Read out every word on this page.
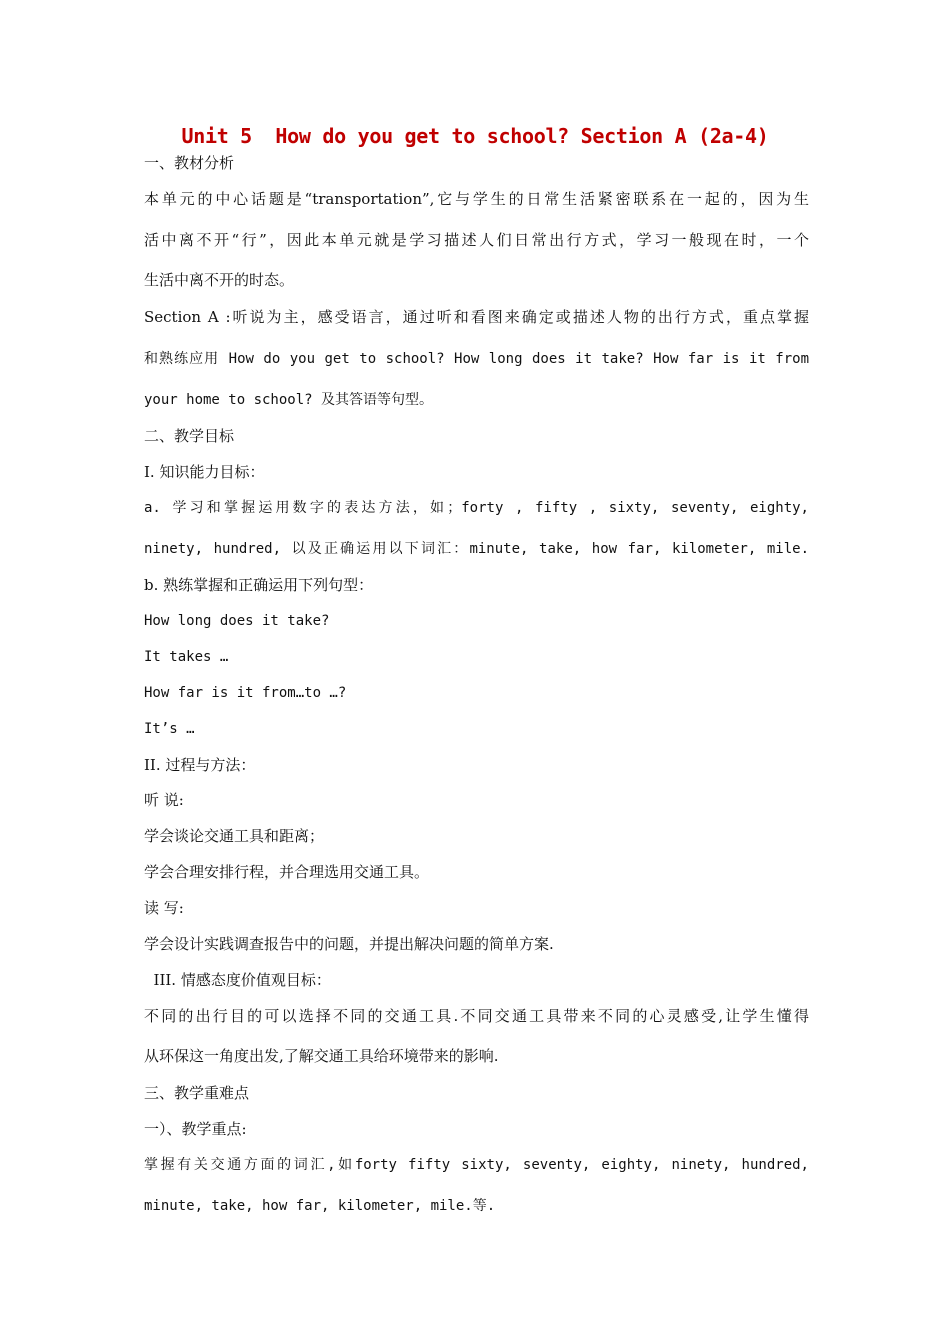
Unit 5  How do you get to school? Section A (2a-4)
一、教材分析
本单元的中心话题是“transportation”,它与学生的日常生活紧密联系在一起的，因为生
活中离不开“行”，因此本单元就是学习描述人们日常出行方式，学习一般现在时，一个
生活中离不开的时态。
Section A :听说为主，感受语言，通过听和看图来确定或描述人物的出行方式，重点掌握
和熟练应用 How do you get to school? How long does it take? How far is it from
your home to school? 及其答语等句型。
二、教学目标
I. 知识能力目标：
a. 学习和掌握运用数字的表达方法，如；forty , fifty , sixty, seventy, eighty,
ninety, hundred, 以及正确运用以下词汇：minute, take, how far, kilometer, mile.
b. 熟练掌握和正确运用下列句型：
How long does it take?
It takes …
How far is it from…to …?
It’s …
II. 过程与方法：
听 说:
学会谈论交通工具和距离；
学会合理安排行程，并合理选用交通工具。
读 写:
学会设计实践调查报告中的问题，并提出解决问题的简单方案.
III. 情感态度价值观目标：
不同的出行目的可以选择不同的交通工具.不同交通工具带来不同的心灵感受,让学生懂得
从环保这一角度出发,了解交通工具给环境带来的影响.
三、教学重难点
一）、教学重点:
掌握有关交通方面的词汇,如forty fifty sixty, seventy, eighty, ninety, hundred,
minute, take, how far, kilometer, mile.等.
